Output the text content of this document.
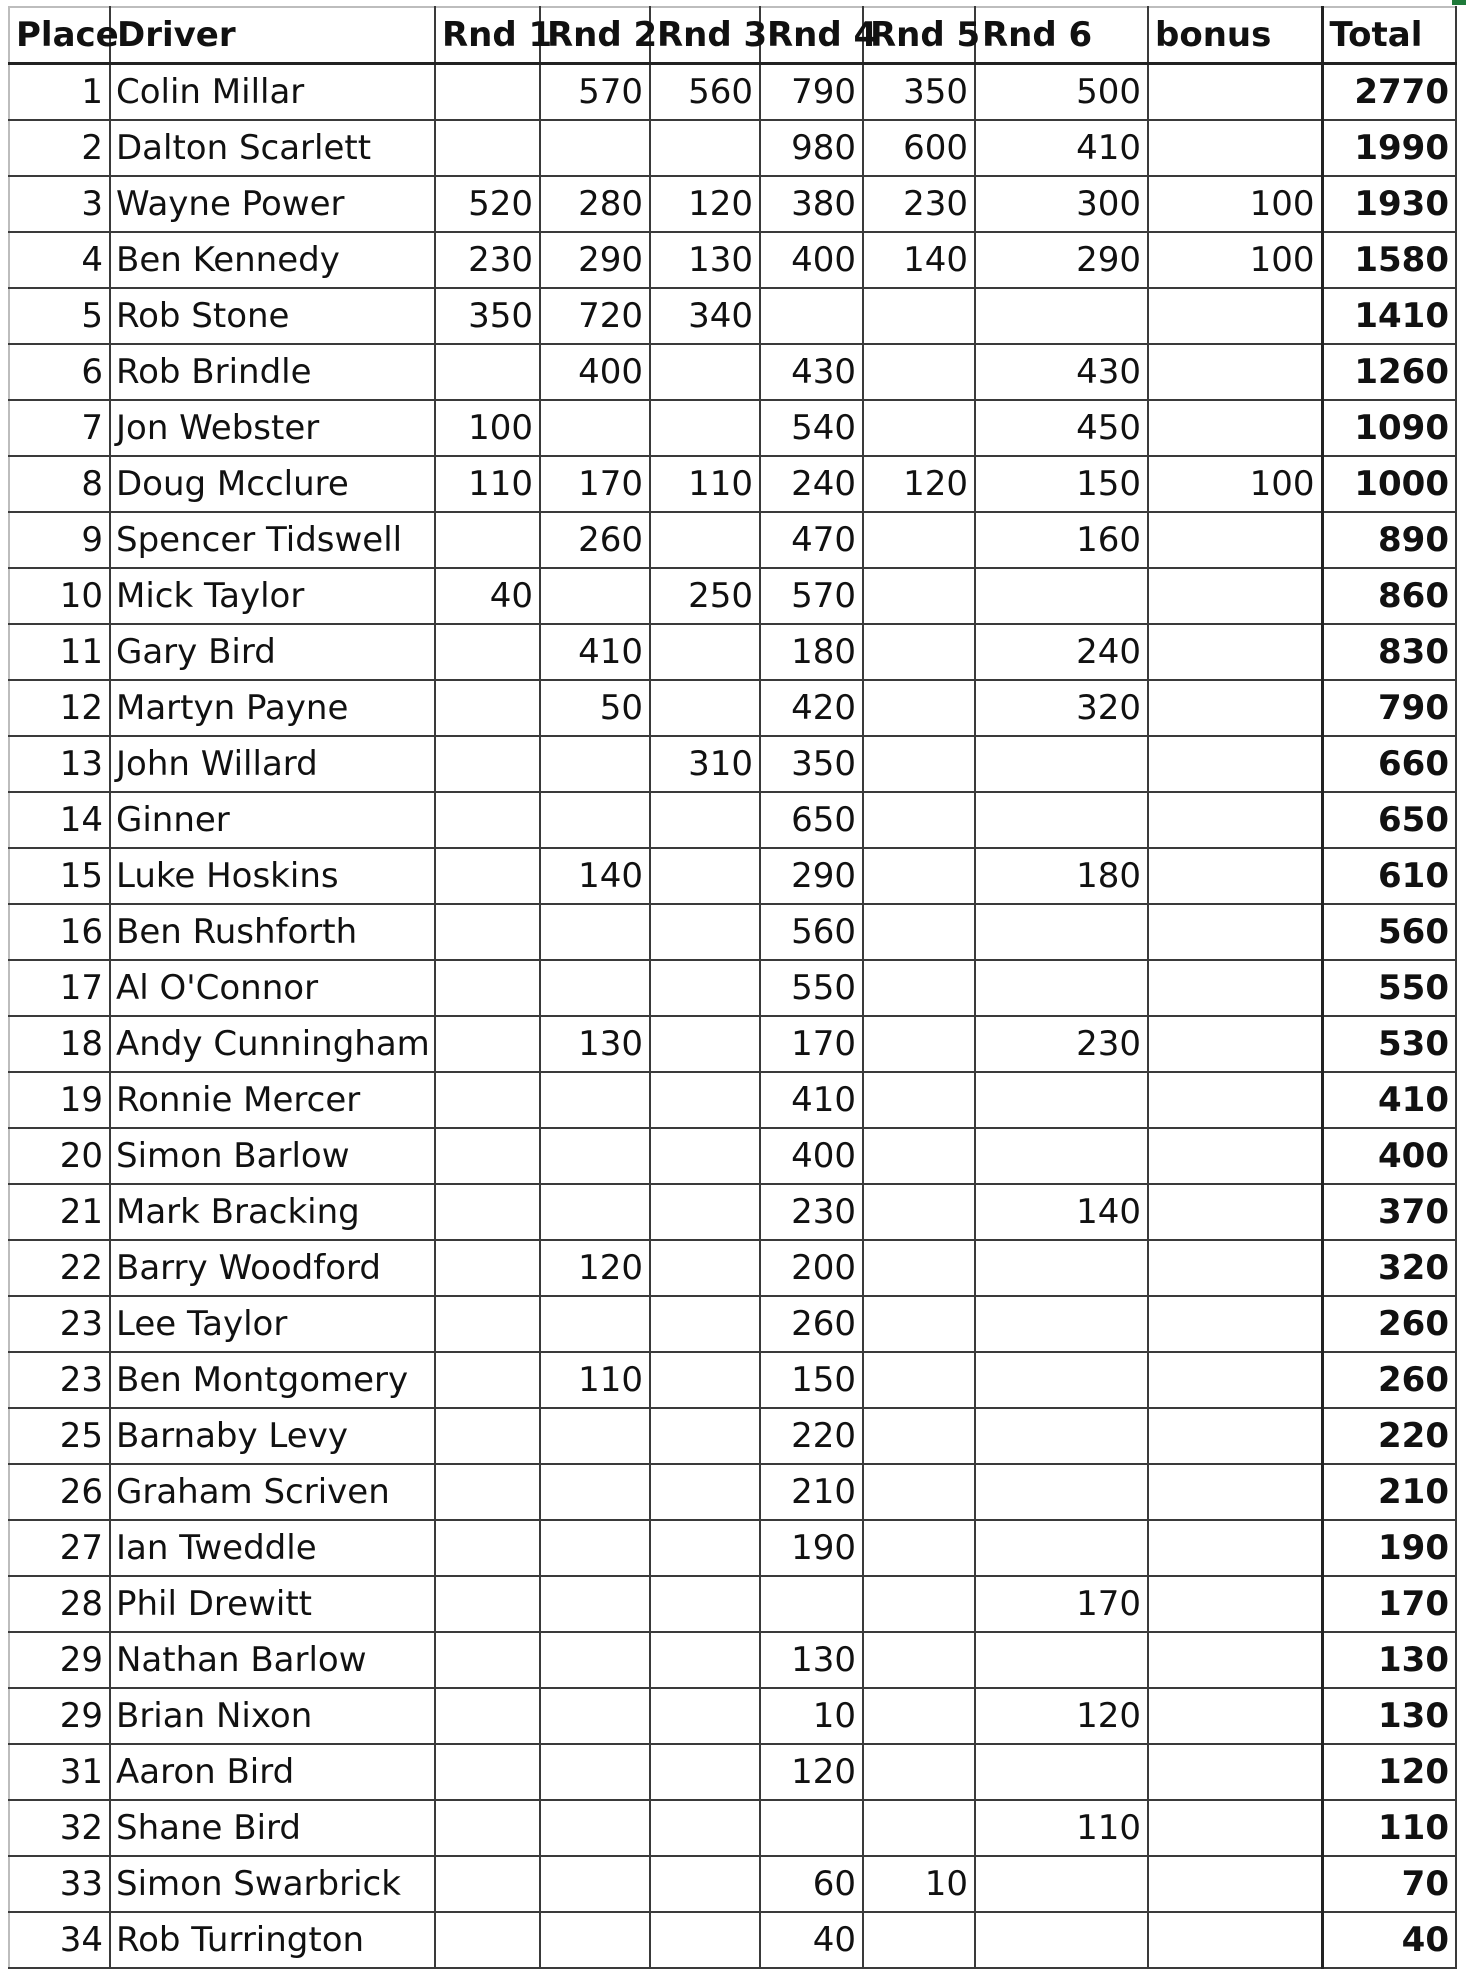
Place	Driver	Rnd 1	Rnd 2	Rnd 3	Rnd 4	Rnd 5	Rnd 6	bonus	Total
1	Colin Millar		570	560	790	350	500		2770
2	Dalton Scarlett				980	600	410		1990
3	Wayne Power	520	280	120	380	230	300	100	1930
4	Ben Kennedy	230	290	130	400	140	290	100	1580
5	Rob Stone	350	720	340					1410
6	Rob Brindle		400		430		430		1260
7	Jon Webster	100			540		450		1090
8	Doug Mcclure	110	170	110	240	120	150	100	1000
9	Spencer Tidswell		260		470		160		890
10	Mick Taylor	40		250	570				860
11	Gary Bird		410		180		240		830
12	Martyn Payne		50		420		320		790
13	John Willard			310	350				660
14	Ginner				650				650
15	Luke Hoskins		140		290		180		610
16	Ben Rushforth				560				560
17	Al O'Connor				550				550
18	Andy Cunningham		130		170		230		530
19	Ronnie Mercer				410				410
20	Simon Barlow				400				400
21	Mark Bracking				230		140		370
22	Barry Woodford		120		200				320
23	Lee Taylor				260				260
23	Ben Montgomery		110		150				260
25	Barnaby Levy				220				220
26	Graham Scriven				210				210
27	Ian Tweddle				190				190
28	Phil Drewitt						170		170
29	Nathan Barlow				130				130
29	Brian Nixon				10		120		130
31	Aaron Bird				120				120
32	Shane Bird						110		110
33	Simon Swarbrick				60	10			70
34	Rob Turrington				40				40
